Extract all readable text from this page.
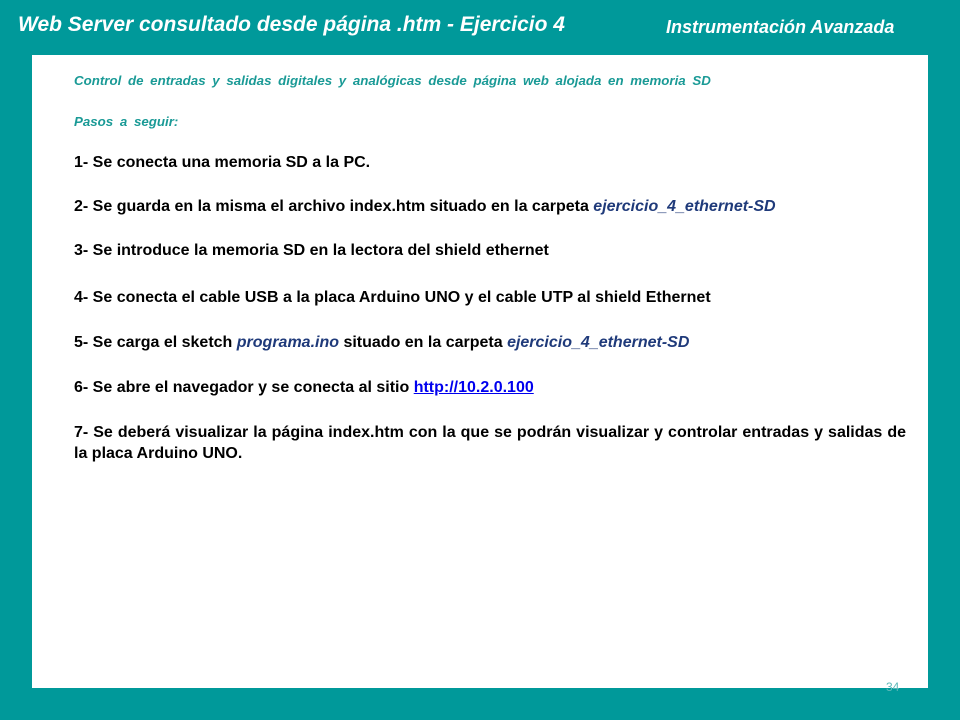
Web Server consultado desde página .htm - Ejercicio 4	Instrumentación Avanzada
Control de entradas y salidas digitales y analógicas desde página web alojada en memoria SD
Pasos a seguir:
1- Se conecta una memoria SD a la PC.
2- Se guarda en la misma el archivo index.htm situado en la carpeta ejercicio_4_ethernet-SD
3- Se introduce la memoria SD en la lectora del shield ethernet
4- Se conecta el cable USB a la placa Arduino UNO y el cable UTP al shield Ethernet
5- Se carga el sketch programa.ino situado en la carpeta ejercicio_4_ethernet-SD
6- Se abre el navegador y se conecta al sitio http://10.2.0.100
7- Se deberá visualizar la página index.htm con la que se podrán visualizar y controlar entradas y salidas de la placa Arduino UNO.
34
